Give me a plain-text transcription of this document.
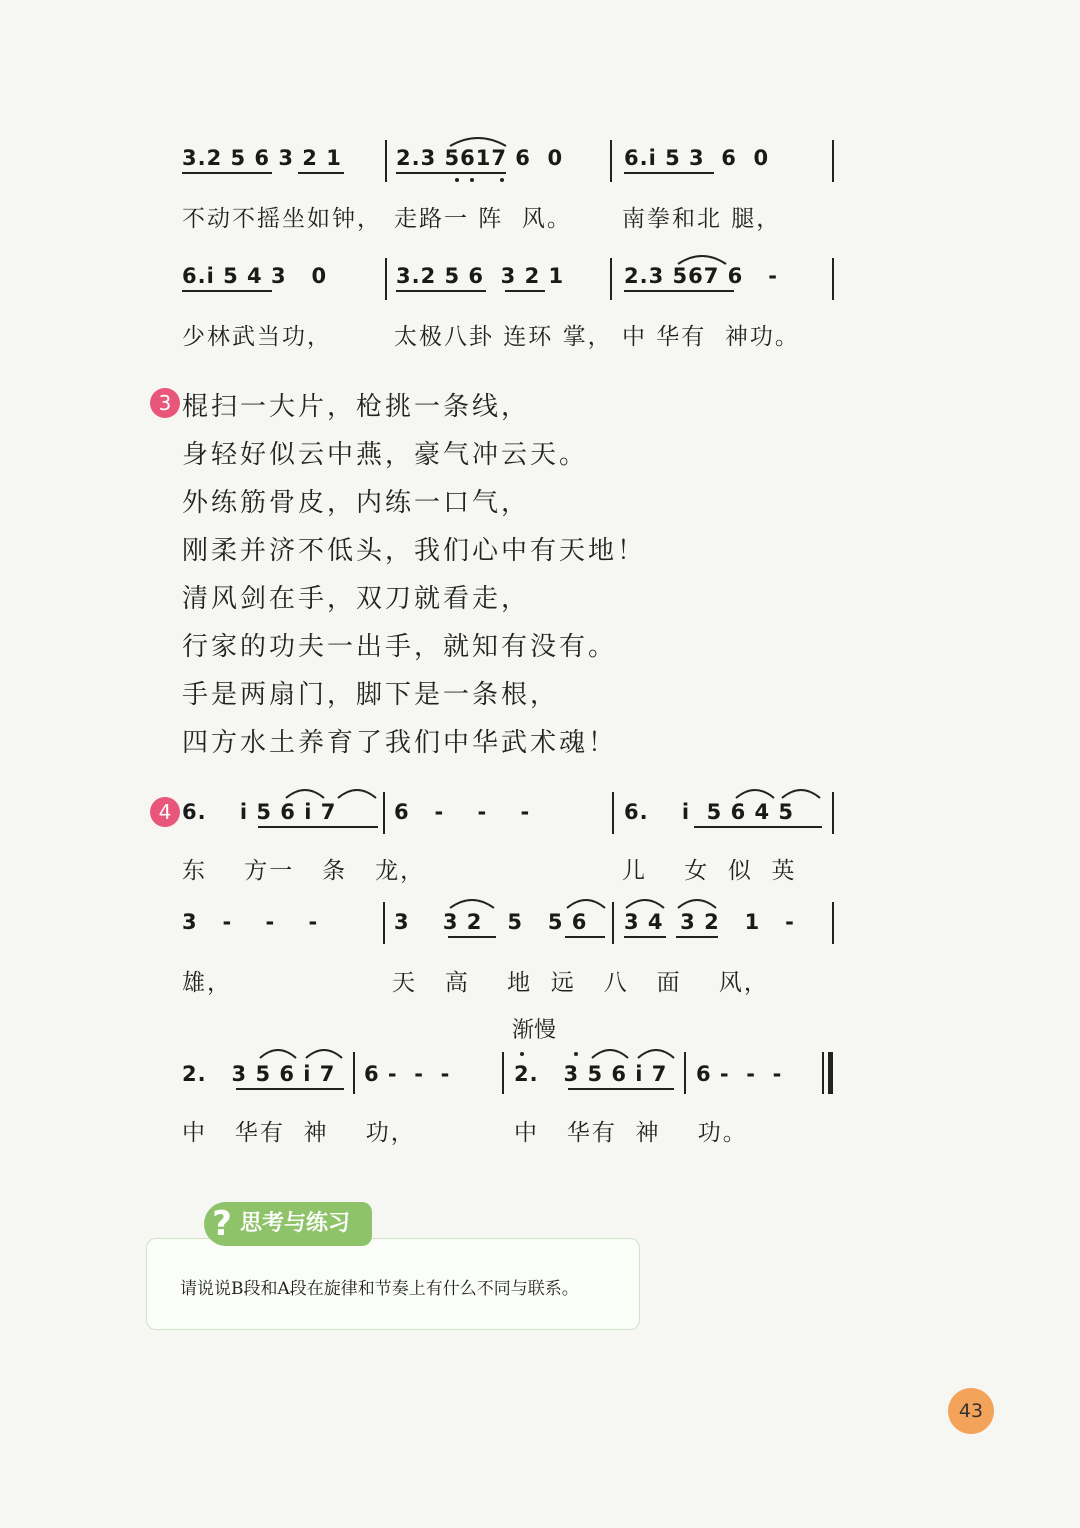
3.2 5 6 3 2 1	2.3 5617 6  0	6.i 5 3  6  0
不动不摇坐如钟， 走路一 阵  风。 南拳和北 腿，
6.i 5 4 3   0	3.2 5 6  3 2 1	2.3 567 6   -
少林武当功，	太极八卦 连环 掌， 中 华有  神功。
3 棍扫一大片，枪挑一条线，
身轻好似云中燕，豪气冲云天。
外练筋骨皮，内练一口气，
刚柔并济不低头，我们心中有天地！
清风剑在手，双刀就看走，
行家的功夫一出手，就知有没有。
手是两扇门，脚下是一条根，
四方水土养育了我们中华武术魂！
4 6.    i 5 6 i 7	6   -    -    -	6.    i  5 6 4 5
东    方一   条   龙，	儿    女  似  英
3   -    -    -	3    3 2   5   5 6 3 4  3 2   1   -
雄，	天   高    地  远   八   面    风，
渐慢
2.   3 5 6 i 7 6 -  -  -	2.   3 5 6 i 7 6 -  -  -
中   华有  神    功，	中   华有  神    功。
? 思考与练习
请说说B段和A段在旋律和节奏上有什么不同与联系。
43
